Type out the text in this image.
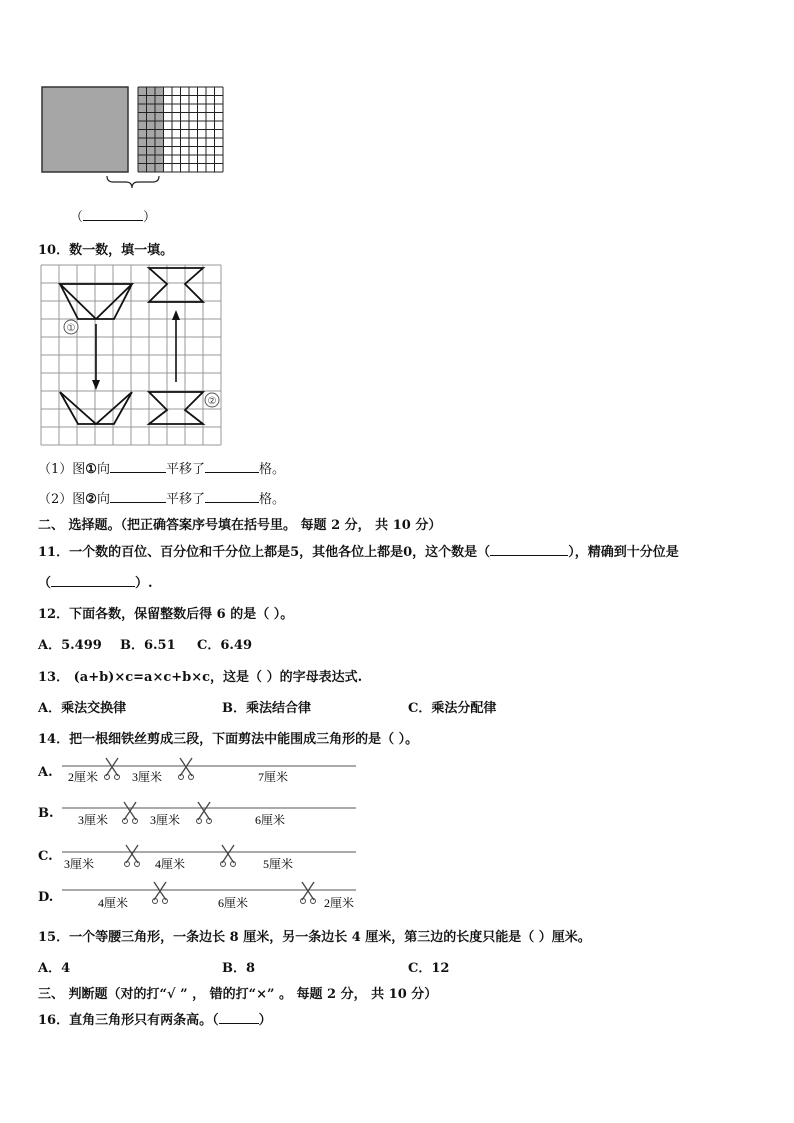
（	）
10．数一数，填一填。
①
②
（1）图①向	平移了	格。
（2）图②向	平移了	格。
二、 选择题。（把正确答案序号填在括号里。 每题 2 分， 共 10 分）
11．一个数的百位、百分位和千分位上都是5，其他各位上都是0，这个数是（	），精确到十分位是
（	）.
12．下面各数，保留整数后得 6 的是（ ）。
A．5.499 B．6.51 C．6.49
13． (a+b)×c=a×c+b×c，这是（ ）的字母表达式.
A．乘法交换律	B．乘法结合律	C．乘法分配律
14．把一根细铁丝剪成三段，下面剪法中能围成三角形的是（ ）。
A. 2厘米	3厘米	7厘米
B. 3厘米	3厘米	6厘米
C. 3厘米	4厘米	5厘米
D.	4厘米	6厘米	2厘米
15．一个等腰三角形，一条边长 8 厘米，另一条边长 4 厘米，第三边的长度只能是（ ）厘米。
A．4	B．8	C．12
三、 判断题（对的打“√ ” ， 错的打“×” 。 每题 2 分， 共 10 分）
16．直角三角形只有两条高。（	）
